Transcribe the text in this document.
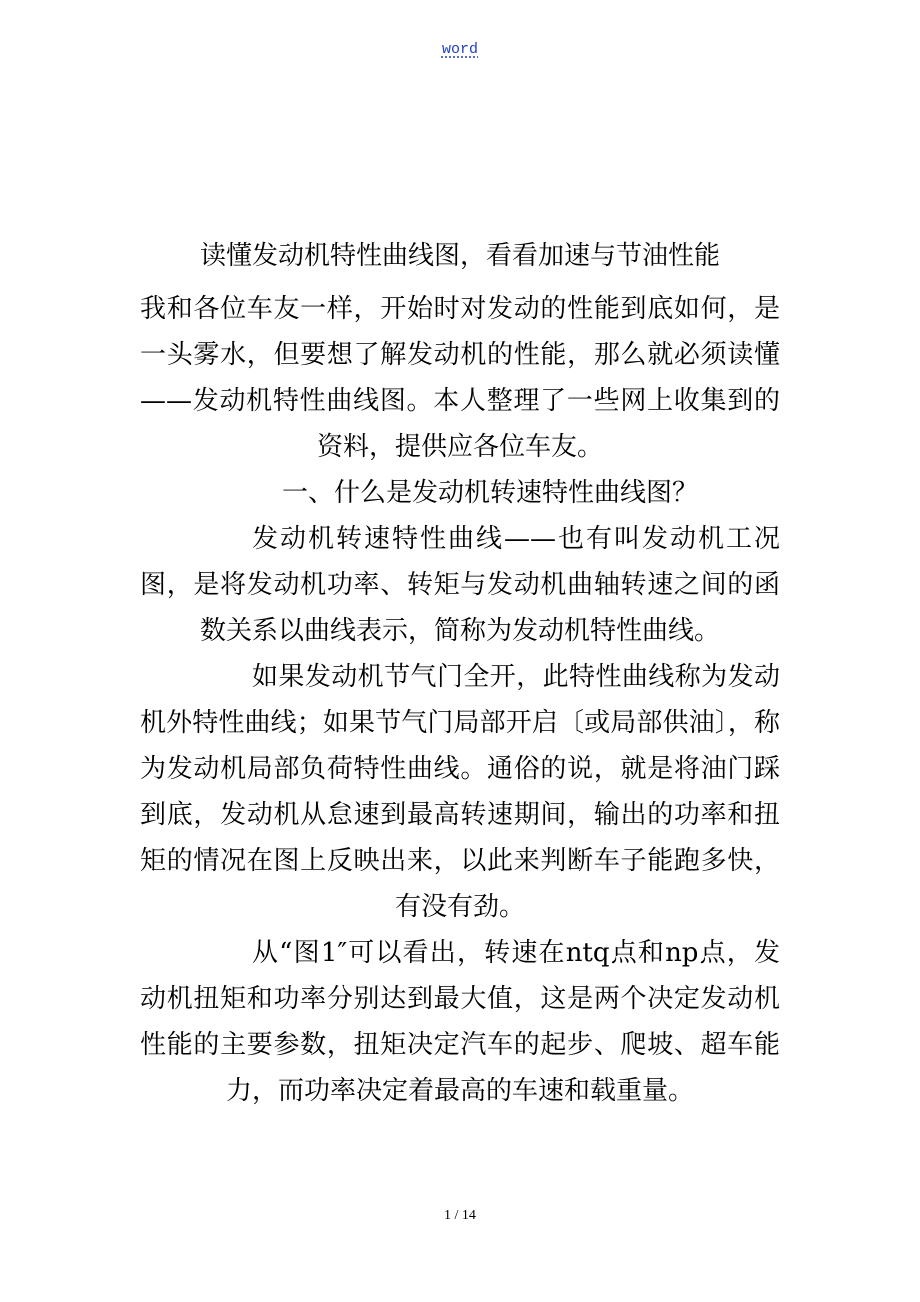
word
读懂发动机特性曲线图，看看加速与节油性能

我和各位车友一样，开始时对发动的性能到底如何，是一头雾水，但要想了解发动机的性能，那么就必须读懂——发动机特性曲线图。本人整理了一些网上收集到的资料，提供应各位车友。

一、什么是发动机转速特性曲线图？

发动机转速特性曲线——也有叫发动机工况图，是将发动机功率、转矩与发动机曲轴转速之间的函数关系以曲线表示，简称为发动机特性曲线。

如果发动机节气门全开，此特性曲线称为发动机外特性曲线；如果节气门局部开启〔或局部供油〕，称为发动机局部负荷特性曲线。通俗的说，就是将油门踩到底，发动机从怠速到最高转速期间，输出的功率和扭矩的情况在图上反映出来，以此来判断车子能跑多快，有没有劲。

从“图1″可以看出，转速在ntq点和np点，发动机扭矩和功率分别达到最大值，这是两个决定发动机性能的主要参数，扭矩决定汽车的起步、爬坡、超车能力，而功率决定着最高的车速和载重量。

1 / 14
